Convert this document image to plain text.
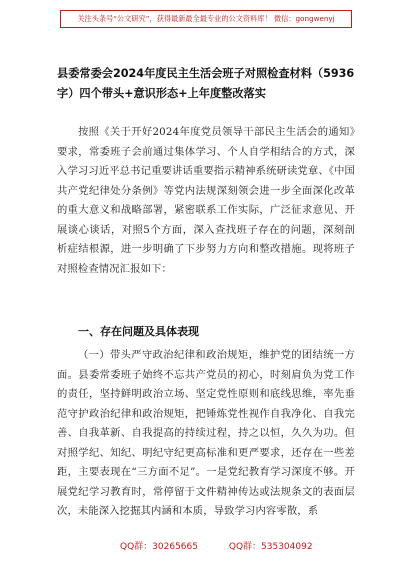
关注头条号“公文研究”，获得最新最全最专业的公文资料库！ 微信：gongwenyj
县委常委会2024年度民主生活会班子对照检查材料（5936字）四个带头+意识形态+上年度整改落实

按照《关于开好2024年度党员领导干部民主生活会的通知》要求，常委班子会前通过集体学习、个人自学相结合的方式，深入学习习近平总书记重要讲话重要指示精神系统研读党章、《中国共产党纪律处分条例》等党内法规深刻领会进一步全面深化改革的重大意义和战略部署，紧密联系工作实际，广泛征求意见、开展谈心谈话，对照5个方面，深入查找班子存在的问题，深刻剖析症结根源，进一步明确了下步努力方向和整改措施。现将班子对照检查情况汇报如下：

一、存在问题及具体表现

（一）带头严守政治纪律和政治规矩，维护党的团结统一方面。县委常委班子始终不忘共产党员的初心，时刻肩负为党工作的责任，坚持鲜明政治立场、坚定党性原则和底线思维，率先垂范守护政治纪律和政治规矩，把锤炼党性视作自我净化、自我完善、自我革新、自我提高的持续过程，持之以恒，久久为功。但对照学纪、知纪、明纪守纪更高标准和更严要求，还存在一些差距，主要表现在“三方面不足”。一是党纪教育学习深度不够。开展党纪学习教育时，常停留于文件精神传达或法规条文的表面层次，未能深入挖掘其内涵和本质，导致学习内容零散，系

QQ群：30265665	QQ群：535304092
